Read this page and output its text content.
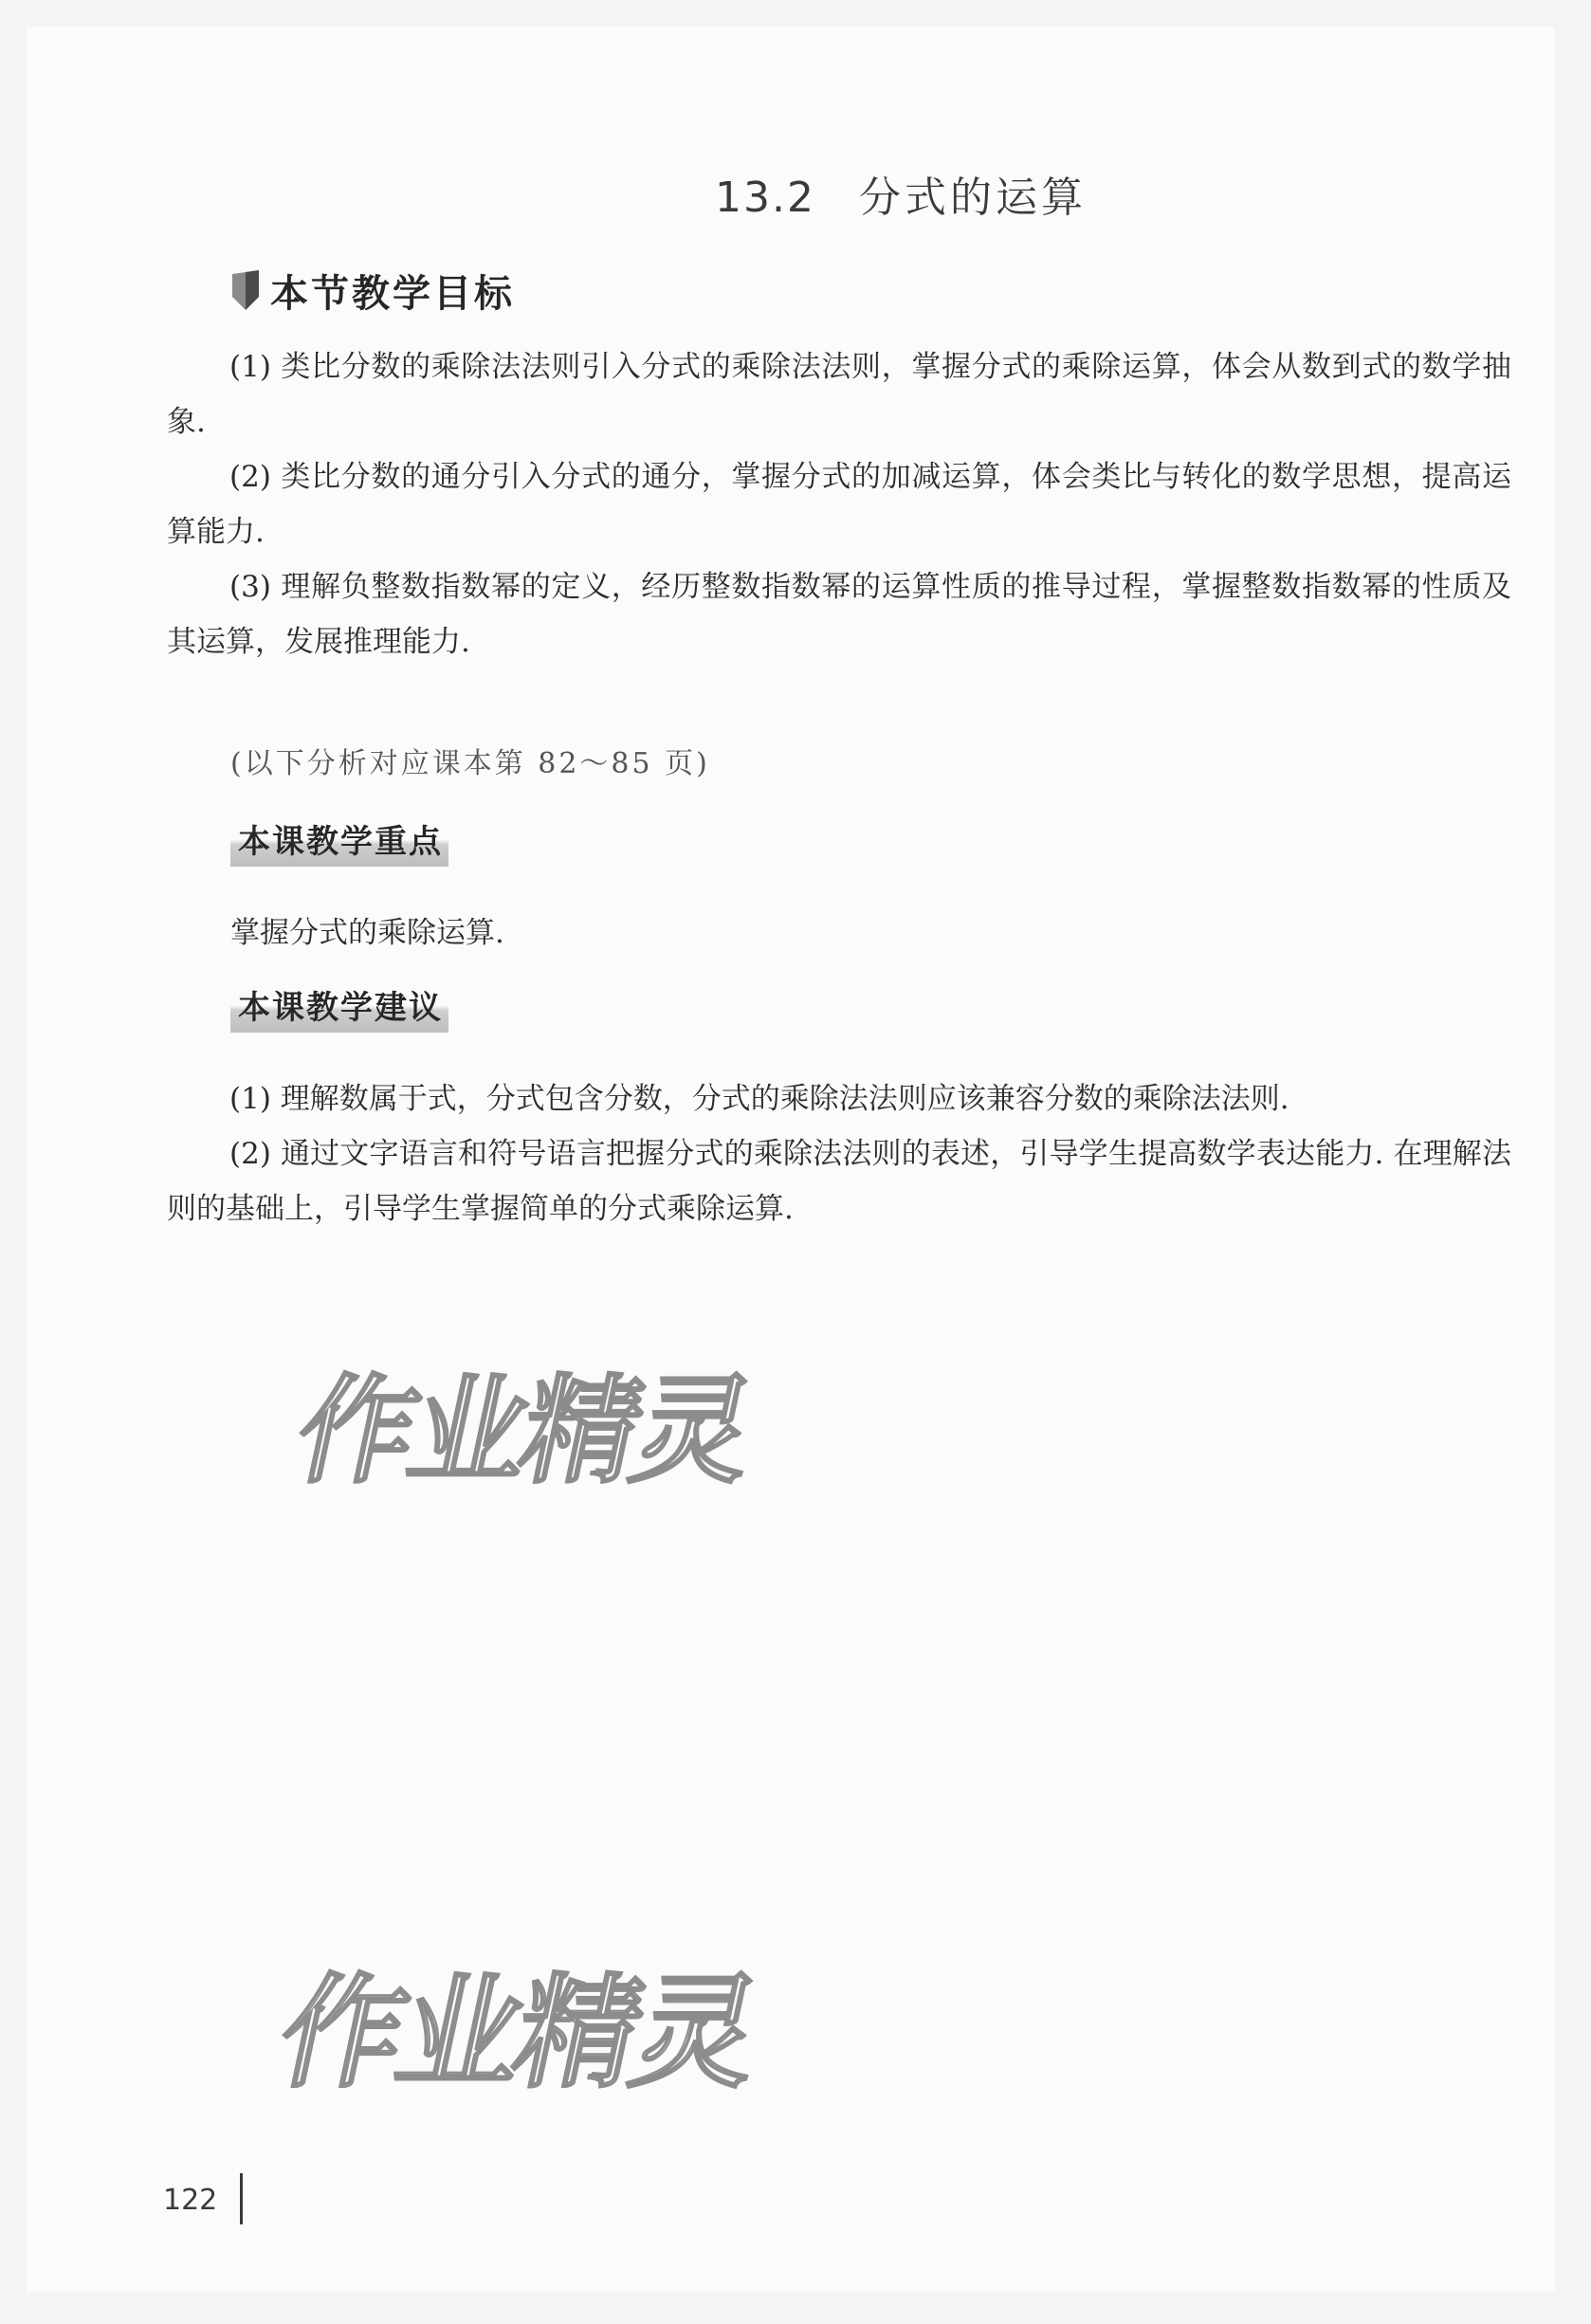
13.2 分式的运算
本节教学目标

(1) 类比分数的乘除法法则引入分式的乘除法法则，掌握分式的乘除运算，体会从数到式的数学抽象.

(2) 类比分数的通分引入分式的通分，掌握分式的加减运算，体会类比与转化的数学思想，提高运算能力.

(3) 理解负整数指数幂的定义，经历整数指数幂的运算性质的推导过程，掌握整数指数幂的性质及其运算，发展推理能力.

(以下分析对应课本第 82～85 页)
本课教学重点
掌握分式的乘除运算.
本课教学建议

(1) 理解数属于式，分式包含分数，分式的乘除法法则应该兼容分数的乘除法法则.

(2) 通过文字语言和符号语言把握分式的乘除法法则的表述，引导学生提高数学表达能力. 在理解法则的基础上，引导学生掌握简单的分式乘除运算.

作业精灵
作业精灵
122
